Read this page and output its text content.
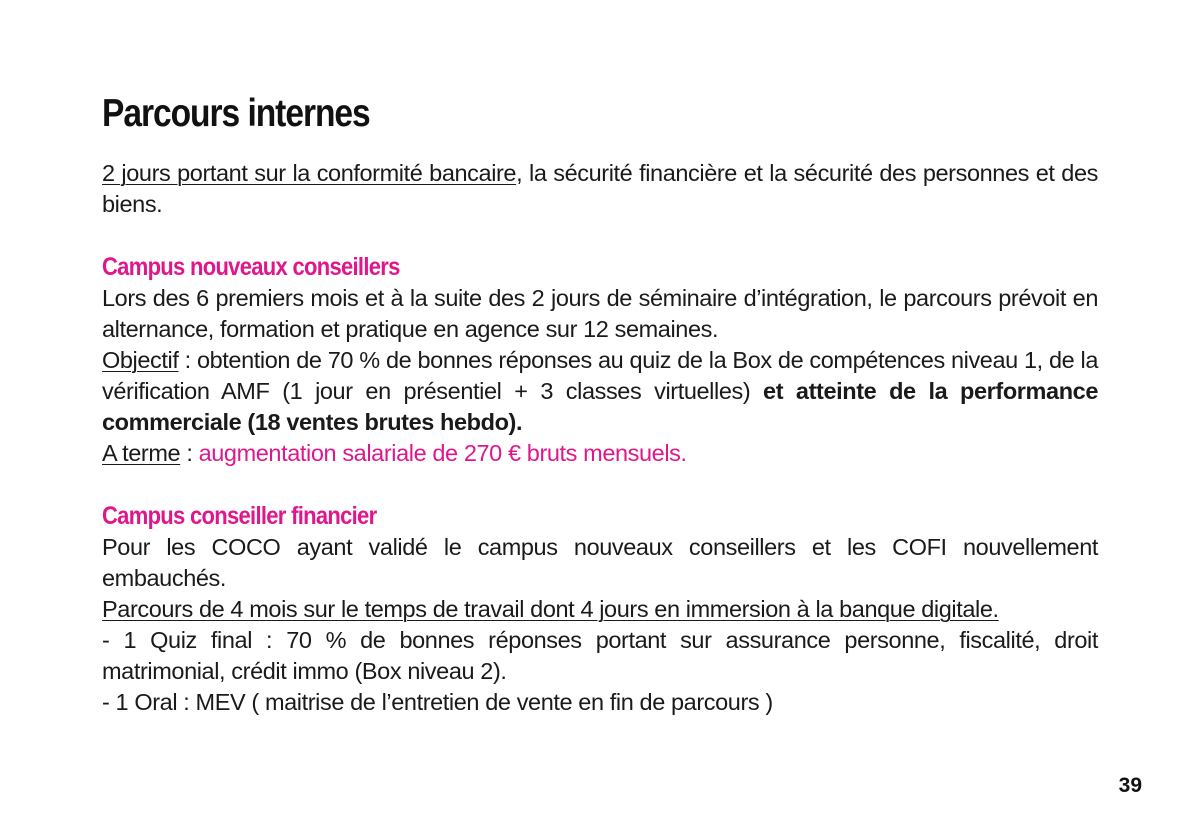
Parcours internes

2 jours portant sur la conformité bancaire, la sécurité financière et la sécurité des personnes et des biens.

Campus nouveaux conseillers

Lors des 6 premiers mois et à la suite des 2 jours de séminaire d’intégration, le parcours prévoit en alternance, formation et pratique en agence sur 12 semaines.

Objectif : obtention de 70 % de bonnes réponses au quiz de la Box de compétences niveau 1, de la vérification AMF (1 jour en présentiel + 3 classes virtuelles) et atteinte de la performance commerciale (18 ventes brutes hebdo).

A terme : augmentation salariale de 270 € bruts mensuels.

Campus conseiller financier

Pour les COCO ayant validé le campus nouveaux conseillers et les COFI nouvellement embauchés.

Parcours de 4 mois sur le temps de travail dont 4 jours en immersion à la banque digitale.

- 1 Quiz final : 70 % de bonnes réponses portant sur assurance personne, fiscalité, droit matrimonial, crédit immo (Box niveau 2).

- 1 Oral : MEV ( maitrise de l’entretien de vente en fin de parcours )

39
